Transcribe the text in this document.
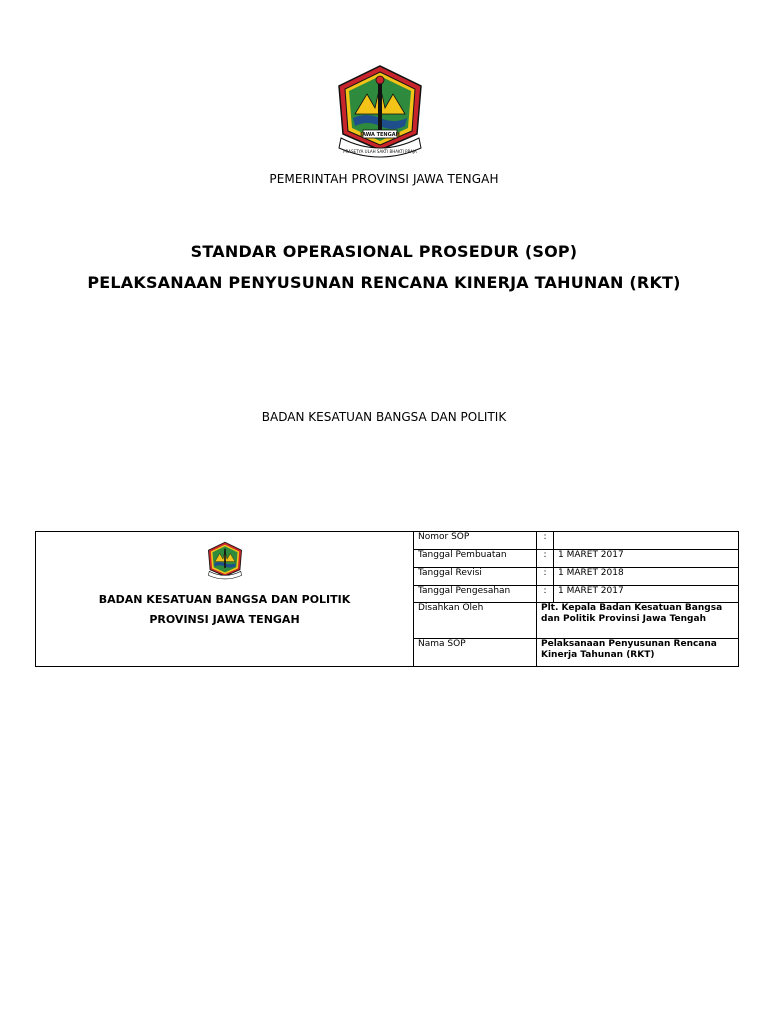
PRASETYA ULAH SAKTI BHAKTI PRAJA
JAWA TENGAH
PEMERINTAH PROVINSI JAWA TENGAH
STANDAR OPERASIONAL PROSEDUR (SOP)
PELAKSANAAN PENYUSUNAN RENCANA KINERJA TAHUNAN (RKT)
BADAN KESATUAN BANGSA DAN POLITIK
BADAN KESATUAN BANGSA DAN POLITIK
PROVINSI JAWA TENGAH	Nomor SOP	:	
	Tanggal Pembuatan	:	1 MARET 2017
	Tanggal Revisi	:	1 MARET 2018
	Tanggal Pengesahan	:	1 MARET 2017
	Disahkan Oleh	Plt. Kepala Badan Kesatuan Bangsa
dan Politik Provinsi Jawa Tengah	

	Nama SOP	Pelaksanaan Penyusunan Rencana
Kinerja Tahunan (RKT)	
